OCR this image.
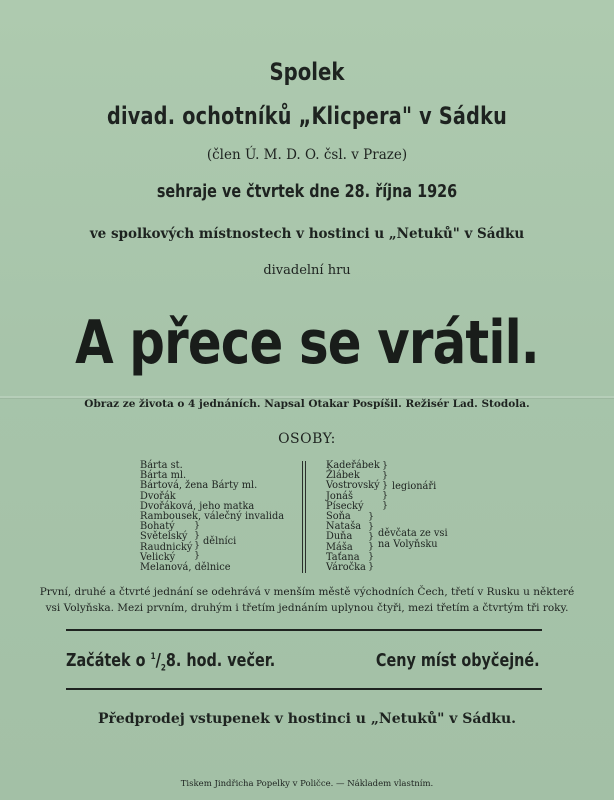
Spolek
divad. ochotníků „Klicpera" v Sádku
(člen Ú. M. D. O. čsl. v Praze)
sehraje ve čtvrtek dne 28. října 1926
ve spolkových místnostech v hostinci u „Netuků" v Sádku
divadelní hru
A přece se vrátil.
Obraz ze života o 4 jednáních. Napsal Otakar Pospíšil. Režisér Lad. Stodola.
OSOBY:
Bárta st.
Bárta ml.
Bártová, žena Bárty ml.
Dvořák
Dvořáková, jeho matka
Rambousek, válečný invalida
Bohatý
Světelský
Raudnický
Velický
Melanová, dělnice
}
}
}
}
dělníci
Kadeřábek
Žlábek
Vostrovský
Jonáš
Písecký
Soňa
Nataša
Duňa
Máša
Taťana
Váročka
}
}
}
}
}
legionáři
}
}
}
}
}
}
děvčata ze vsi
na Volyňsku
První, druhé a čtvrté jednání se odehrává v menším městě východních Čech, třetí v Rusku u některé
vsi Volyňska. Mezi prvním, druhým i třetím jednáním uplynou čtyři, mezi třetím a čtvrtým tři roky.
Začátek o $^1/_28$. hod. večer.	Ceny míst obyčejné.
Předprodej vstupenek v hostinci u „Netuků" v Sádku.
Tiskem Jindřicha Popelky v Poličce. — Nákladem vlastním.
